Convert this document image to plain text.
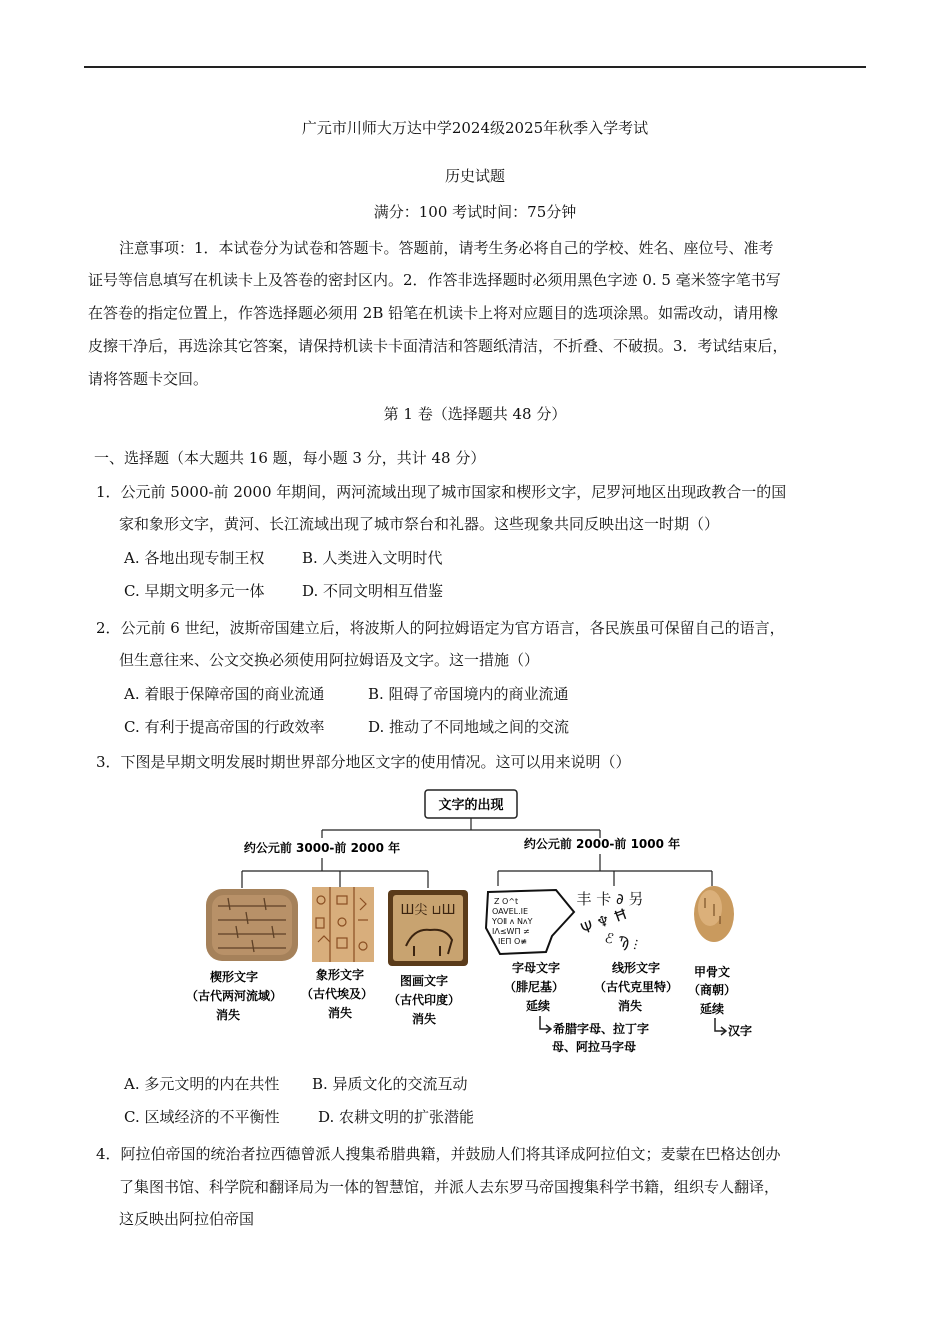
广元市川师大万达中学2024级2025年秋季入学考试
历史试题
满分：100 考试时间：75分钟
注意事项：1．本试卷分为试卷和答题卡。答题前，请考生务必将自己的学校、姓名、座位号、准考
证号等信息填写在机读卡上及答卷的密封区内。2．作答非选择题时必须用黑色字迹 0. 5 毫米签字笔书写
在答卷的指定位置上，作答选择题必须用 2B 铅笔在机读卡上将对应题目的选项涂黑。如需改动，请用橡
皮擦干净后，再选涂其它答案，请保持机读卡卡面清洁和答题纸清洁，不折叠、不破损。3．考试结束后，
请将答题卡交回。
第 1 卷（选择题共 48 分）
一、选择题（本大题共 16 题，每小题 3 分，共计 48 分）
1．公元前 5000-前 2000 年期间，两河流域出现了城市国家和楔形文字，尼罗河地区出现政教合一的国
家和象形文字，黄河、长江流域出现了城市祭台和礼器。这些现象共同反映出这一时期（）
A. 各地出现专制王权	B. 人类进入文明时代
C. 早期文明多元一体	D. 不同文明相互借鉴
2．公元前 6 世纪，波斯帝国建立后，将波斯人的阿拉姆语定为官方语言，各民族虽可保留自己的语言，
但生意往来、公文交换必须使用阿拉姆语及文字。这一措施（）
A. 着眼于保障帝国的商业流通	B. 阻碍了帝国境内的商业流通
C. 有利于提高帝国的行政效率	D. 推动了不同地域之间的交流
3．下图是早期文明发展时期世界部分地区文字的使用情况。这可以用来说明（）
文字的出现
约公元前 3000-前 2000 年	约公元前 2000-前 1000 年
Ш尖 ⊔Ш
Z O^t
OAVEL.IE
ΥOⅡ ʌ NʌY
IΛ≤WΠ ≠
IEΠ O≢
丰 卡 ∂ 另
Ψ ♆ Ħ
ℰ Ϡ ⫶
楔形文字
（古代两河流域）
消失
象形文字
（古代埃及）
消失
图画文字
（古代印度）
消失
字母文字
（腓尼基）
延续
线形文字
（古代克里特）
消失
甲骨文
（商朝）
延续
希腊字母、拉丁字
母、阿拉马字母
汉字
A. 多元文明的内在共性 B. 异质文化的交流互动
C. 区域经济的不平衡性	D. 农耕文明的扩张潜能
4．阿拉伯帝国的统治者拉西德曾派人搜集希腊典籍，并鼓励人们将其译成阿拉伯文；麦蒙在巴格达创办
了集图书馆、科学院和翻译局为一体的智慧馆，并派人去东罗马帝国搜集科学书籍，组织专人翻译，
这反映出阿拉伯帝国
